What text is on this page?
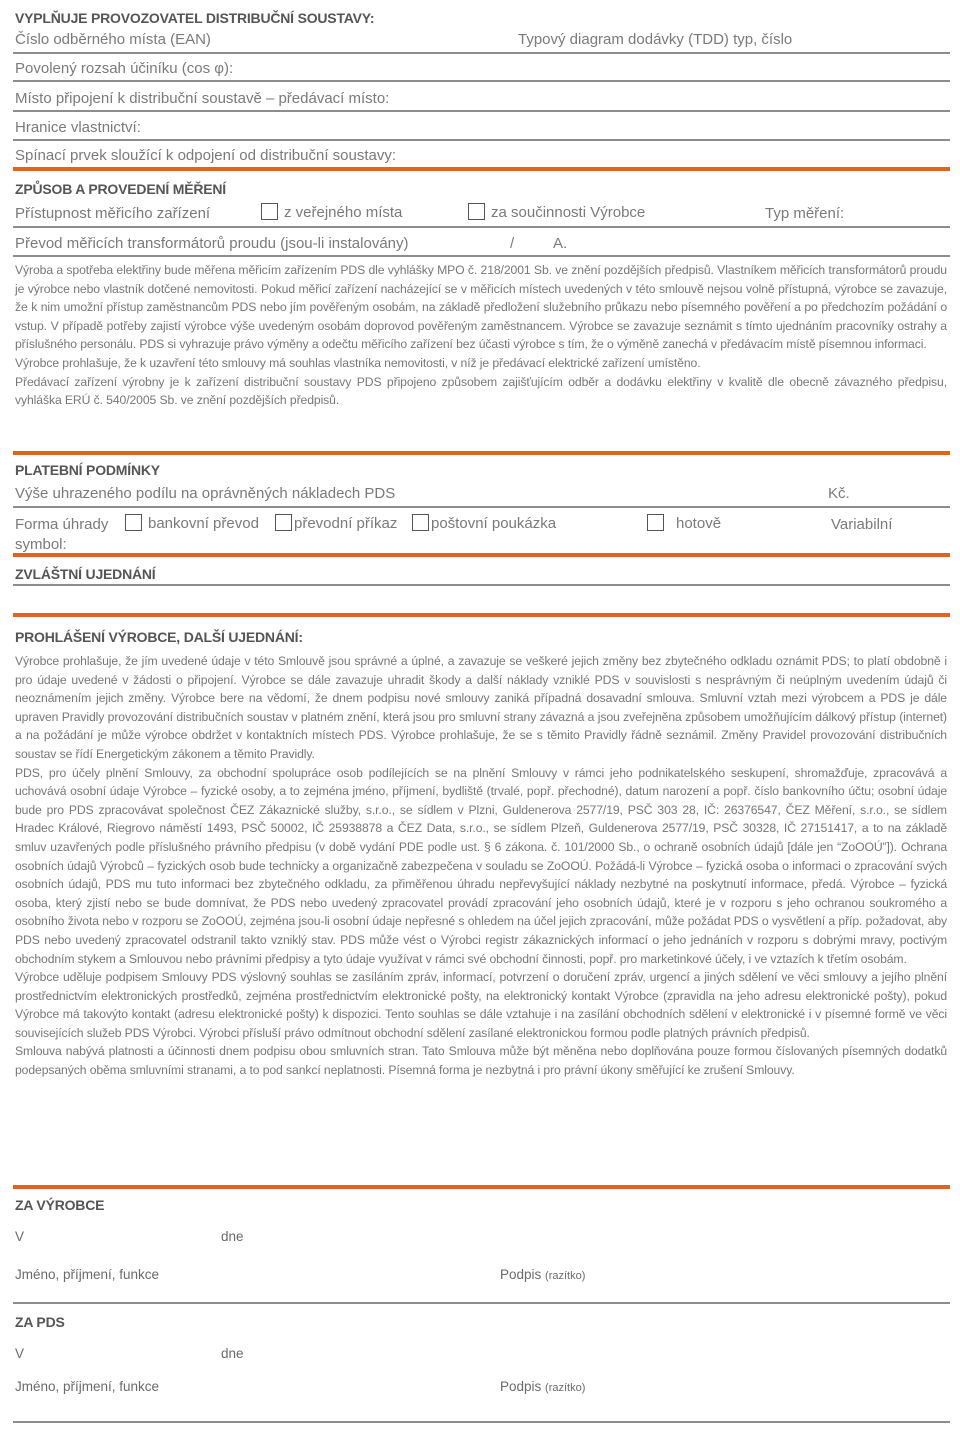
VYPLŇUJE PROVOZOVATEL DISTRIBUČNÍ SOUSTAVY:
Číslo odběrného místa (EAN)	Typový diagram dodávky (TDD) typ, číslo
Povolený rozsah účiníku (cos φ):
Místo připojení k distribuční soustavě – předávací místo:
Hranice vlastnictví:
Spínací prvek sloužící k odpojení od distribuční soustavy:
ZPŮSOB A PROVEDENÍ MĚŘENÍ
Přístupnost měřicího zařízení	z veřejného místa	za součinnosti Výrobce	Typ měření:
Převod měřicích transformátorů proudu (jsou-li instalovány)	/	A.
Výroba a spotřeba elektřiny bude měřena měřicím zařízením PDS dle vyhlášky MPO č. 218/2001 Sb. ve znění pozdějších předpisů. Vlastníkem měřicích transformátorů proudu je výrobce nebo vlastník dotčené nemovitosti. Pokud měřicí zařízení nacházející se v měřicích místech uvedených v této smlouvě nejsou volně přístupná, výrobce se zavazuje, že k nim umožní přístup zaměstnancům PDS nebo jím pověřeným osobám, na základě předložení služebního průkazu nebo písemného pověření a po předchozím požádání o vstup. V případě potřeby zajistí výrobce výše uvedeným osobám doprovod pověřeným zaměstnancem. Výrobce se zavazuje seznámit s tímto ujednáním pracovníky ostrahy a příslušného personálu. PDS si vyhrazuje právo výměny a odečtu měřicího zařízení bez účasti výrobce s tím, že o výměně zanechá v předávacím místě písemnou informaci.
Výrobce prohlašuje, že k uzavření této smlouvy má souhlas vlastníka nemovitosti, v níž je předávací elektrické zařízení umístěno.
Předávací zařízení výrobny je k zařízení distribuční soustavy PDS připojeno způsobem zajišťujícím odběr a dodávku elektřiny v kvalitě dle obecně závazného předpisu, vyhláška ERÚ č. 540/2005 Sb. ve znění pozdějších předpisů.
PLATEBNÍ PODMÍNKY
Výše uhrazeného podílu na oprávněných nákladech PDS	Kč.
Forma úhrady	bankovní převod	převodní příkaz	poštovní poukázka	hotově	Variabilní
symbol:
ZVLÁŠTNÍ UJEDNÁNÍ
PROHLÁŠENÍ VÝROBCE, DALŠÍ UJEDNÁNÍ:
Výrobce prohlašuje, že jím uvedené údaje v této Smlouvě jsou správné a úplné, a zavazuje se veškeré jejich změny bez zbytečného odkladu oznámit PDS; to platí obdobně i pro údaje uvedené v žádosti o připojení. Výrobce se dále zavazuje uhradit škody a další náklady vzniklé PDS v souvislosti s nesprávným či neúplným uvedením údajů či neoznámením jejich změny. Výrobce bere na vědomí, že dnem podpisu nové smlouvy zaniká případná dosavadní smlouva. Smluvní vztah mezi výrobcem a PDS je dále upraven Pravidly provozování distribučních soustav v platném znění, která jsou pro smluvní strany závazná a jsou zveřejněna způsobem umožňujícím dálkový přístup (internet) a na požádání je může výrobce obdržet v kontaktních místech PDS. Výrobce prohlašuje, že se s těmito Pravidly řádně seznámil. Změny Pravidel provozování distribučních soustav se řídí Energetickým zákonem a těmito Pravidly.
PDS, pro účely plnění Smlouvy, za obchodní spolupráce osob podílejících se na plnění Smlouvy v rámci jeho podnikatelského seskupení, shromažďuje, zpracovává a uchovává osobní údaje Výrobce – fyzické osoby, a to zejména jméno, příjmení, bydliště (trvalé, popř. přechodné), datum narození a popř. číslo bankovního účtu; osobní údaje bude pro PDS zpracovávat společnost ČEZ Zákaznické služby, s.r.o., se sídlem v Plzni, Guldenerova 2577/19, PSČ 303 28, IČ: 26376547, ČEZ Měření, s.r.o., se sídlem Hradec Králové, Riegrovo náměstí 1493, PSČ 50002, IČ 25938878 a ČEZ Data, s.r.o., se sídlem Plzeň, Guldenerova 2577/19, PSČ 30328, IČ 27151417, a to na základě smluv uzavřených podle příslušného právního předpisu (v době vydání PDE podle ust. § 6 zákona. č. 101/2000 Sb., o ochraně osobních údajů [dále jen “ZoOOÚ”]). Ochrana osobních údajů Výrobců – fyzických osob bude technicky a organizačně zabezpečena v souladu se ZoOOÚ. Požádá-li Výrobce – fyzická osoba o informaci o zpracování svých osobních údajů, PDS mu tuto informaci bez zbytečného odkladu, za přiměřenou úhradu nepřevyšující náklady nezbytné na poskytnutí informace, předá. Výrobce – fyzická osoba, který zjistí nebo se bude domnívat, že PDS nebo uvedený zpracovatel provádí zpracování jeho osobních údajů, které je v rozporu s jeho ochranou soukromého a osobního života nebo v rozporu se ZoOOÚ, zejména jsou-li osobní údaje nepřesné s ohledem na účel jejich zpracování, může požádat PDS o vysvětlení a příp. požadovat, aby PDS nebo uvedený zpracovatel odstranil takto vzniklý stav. PDS může vést o Výrobci registr zákaznických informací o jeho jednáních v rozporu s dobrými mravy, poctivým obchodním stykem a Smlouvou nebo právními předpisy a tyto údaje využívat v rámci své obchodní činnosti, popř. pro marketinkové účely, i ve vztazích k třetím osobám.
Výrobce uděluje podpisem Smlouvy PDS výslovný souhlas se zasíláním zpráv, informací, potvrzení o doručení zpráv, urgencí a jiných sdělení ve věci smlouvy a jejího plnění prostřednictvím elektronických prostředků, zejména prostřednictvím elektronické pošty, na elektronický kontakt Výrobce (zpravidla na jeho adresu elektronické pošty), pokud Výrobce má takovýto kontakt (adresu elektronické pošty) k dispozici. Tento souhlas se dále vztahuje i na zasílání obchodních sdělení v elektronické i v písemné formě ve věci souvisejících služeb PDS Výrobci. Výrobci přísluší právo odmítnout obchodní sdělení zasílané elektronickou formou podle platných právních předpisů.
Smlouva nabývá platnosti a účinnosti dnem podpisu obou smluvních stran. Tato Smlouva může být měněna nebo doplňována pouze formou číslovaných písemných dodatků podepsaných oběma smluvními stranami, a to pod sankcí neplatnosti. Písemná forma je nezbytná i pro právní úkony směřující ke zrušení Smlouvy.
ZA VÝROBCE
V	dne
Jméno, příjmení, funkce	Podpis (razítko)
ZA PDS
V	dne
Jméno, příjmení, funkce	Podpis (razítko)
